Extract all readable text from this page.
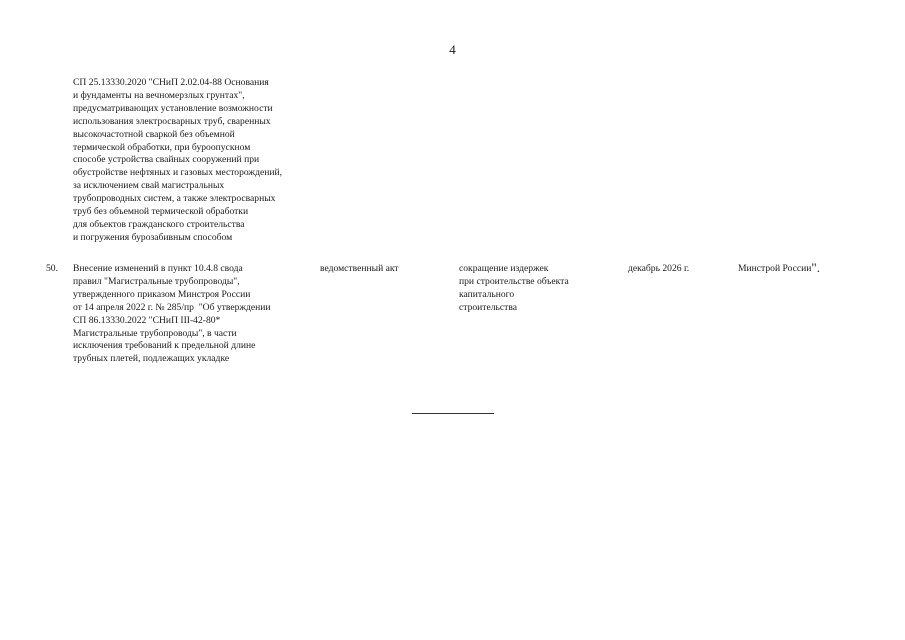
4
СП 25.13330.2020 "СНиП 2.02.04-88 Основания
и фундаменты на вечномерзлых грунтах",
предусматривающих установление возможности
использования электросварных труб, сваренных
высокочастотной сваркой без объемной
термической обработки, при буроопускном
способе устройства свайных сооружений при
обустройстве нефтяных и газовых месторождений,
за исключением свай магистральных
трубопроводных систем, а также электросварных
труб без объемной термической обработки
для объектов гражданского строительства
и погружения бурозабивным способом
50. Внесение изменений в пункт 10.4.8 свода
правил "Магистральные трубопроводы",
утвержденного приказом Минстроя России
от 14 апреля 2022 г. № 285/пр  "Об утверждении
СП 86.13330.2022 "СНиП III-42-80*
Магистральные трубопроводы", в части
исключения требований к предельной длине
трубных плетей, подлежащих укладке
ведомственный акт	сокращение издержек
при строительстве объекта
капитального
строительства
декабрь 2026 г.	Минстрой России".
